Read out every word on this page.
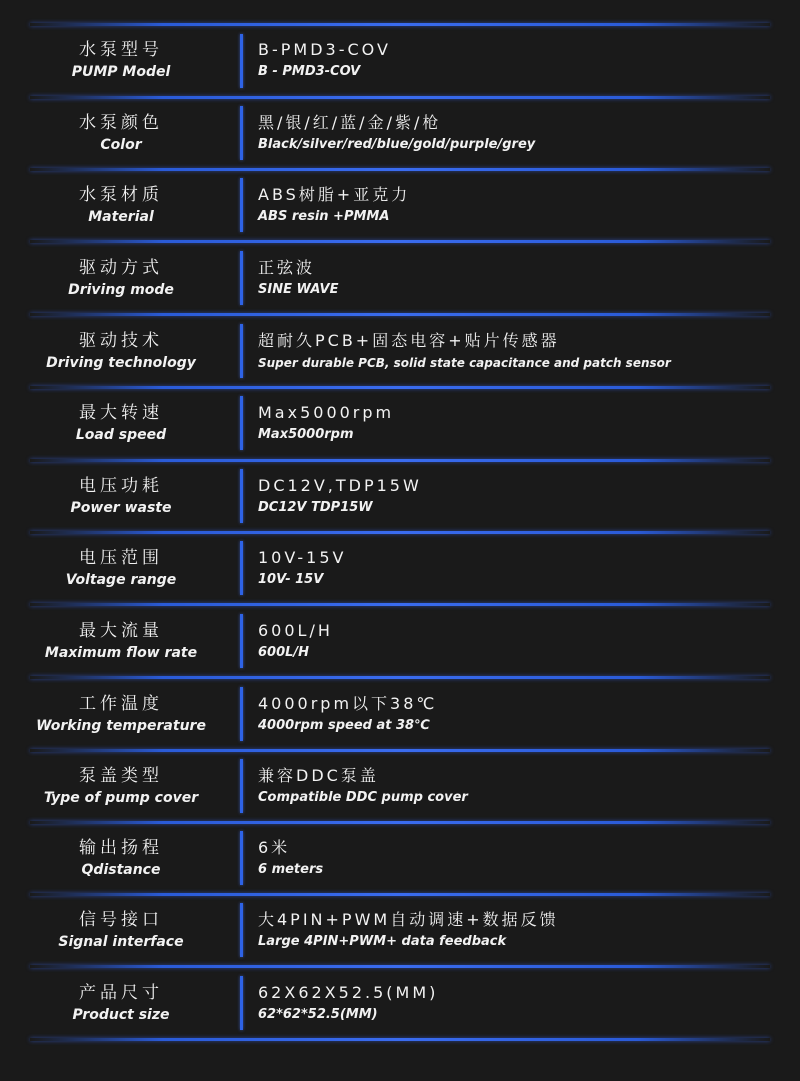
水泵型号
PUMP Model
B-PMD3-COV
B - PMD3-COV
水泵颜色
Color
黑/银/红/蓝/金/紫/枪
Black/silver/red/blue/gold/purple/grey
水泵材质
Material
ABS树脂+亚克力
ABS resin +PMMA
驱动方式
Driving mode
正弦波
SINE WAVE
驱动技术
Driving technology
超耐久PCB+固态电容+贴片传感器
Super durable PCB, solid state capacitance and patch sensor
最大转速
Load speed
Max5000rpm
Max5000rpm
电压功耗
Power waste
DC12V,TDP15W
DC12V TDP15W
电压范围
Voltage range
10V-15V
10V- 15V
最大流量
Maximum flow rate
600L/H
600L/H
工作温度
Working temperature
4000rpm以下38℃
4000rpm speed at 38℃
泵盖类型
Type of pump cover
兼容DDC泵盖
Compatible DDC pump cover
输出扬程
Qdistance
6米
6 meters
信号接口
Signal interface
大4PIN+PWM自动调速+数据反馈
Large 4PIN+PWM+ data feedback
产品尺寸
Product size
62X62X52.5(MM)
62*62*52.5(MM)
